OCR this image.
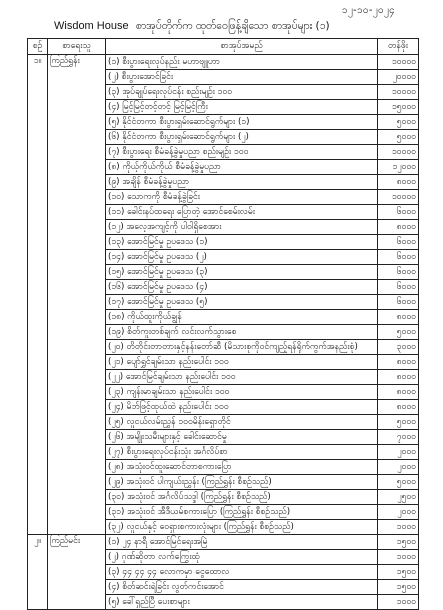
၁၂-၁၀-၂၀၂၄
Wisdom House စာအုပ်တိုက်က ထုတ်ဝေဖြန့်ချိသော စာအုပ်များ (၁)
စဉ်	စာရေးသူ	စာအုပ်အမည်	တန်ဖိုး
၁။	ကြည်ရွှန်း	(၁) စီးပွားရေးလုပ်နည်း မဟာဗျူဟာ	၁၀၀၀၀
		(၂) စီးပွားအောင်ခြင်း	၂၀၀၀၀
		(၃) အုပ်ချုပ်ရေးလုပ်ငန်း စည်းမျဉ်း ၁၀၀	၁၀၀၀၀
		(၄) မြင့်မြင့်တင့်တင့် မြင့်မြင့်ကြီး	၁၅၀၀၀
		(၅) နိုင်ငံတကာ စီးပွားရှမ်းဆောင်ရွက်များ (၁)	၅၀၀၀
		(၆) နိုင်ငံတကာ စီးပွားရှမ်းဆောင်ရွက်များ (၂)	၅၀၀၀
		(၇) စီးပွားရေး စီမံခန့်ခွဲမှုပညာ စည်းမျဉ်း ၁၀၀	၁၀၀၀၀
		(၈) ကိုယ့်ကိုယ်ကိုယ် စီမံခန့်ခွဲမှုပညာ	၁၂၀၀၀
		(၉) အချိန် စီမံခန့်ခွဲမှုပညာ	၈၀၀၀
		(၁၀) သောကကို စီမံခန့်ခွဲခြင်း	၁၀၀၀၀
		(၁၁) ခေါင်းနပ်ထရေး ပြောတဲ့ အောင်စေမ်းလမ်း	၆၀၀၀
		(၁၂) အလေ့အကျင့်ကို ပါဝါရှိစေအား	၈၀၀၀
		(၁၃) အောင်မြင်မှု ဥပဒေသ (၁)	၆၀၀၀
		(၁၄) အောင်မြင်မှု ဥပဒေသ (၂)	၆၀၀၀
		(၁၅) အောင်မြင်မှု ဥပဒေသ (၃)	၆၀၀၀
		(၁၆) အောင်မြင်မှု ဥပဒေသ (၄)	၆၀၀၀
		(၁၇) အောင်မြင်မှု ဥပဒေသ (၅)	၆၀၀၀
		(၁၈) ကိုယ်ထူးကိုယ်ချွန်	၈၀၀၀
		(၁၉) စိတ်ကူးတစ်ချက် လင်းလက်သွားစေ	၅၀၀၀
		(၂၀) တိတိုင်းတာတားနှင့်နန်းတော်ဆီ (မိသားစုကိုဝင်ကျည့်ရန်ရိုက်ကွက်အနည်းစုံ)	၃၀၀၀
		(၂၁) ပျော်ရွှင်ချမ်းသာ နည်းပေါင်း ၁၀၀	၈၀၀၀
		(၂၂) အောင်မြင်ချမ်းသာ နည်းပေါင်း ၁၀၀	၈၀၀၀
		(၂၃) ကျန်းမာချမ်းသာ နည်းပေါင်း ၁၀၀	၈၀၀၀
		(၂၄) မိဘ်ဖြင့်ထုယ်ထဲ နည်းပေါင်း ၁၀၀	၈၀၀၀
		(၂၅) လူငယ်လမ်းညွှန် ၁၀၀မိန်းရှောတိုင်	၅၀၀၀
		(၂၆) အမျိုးသမီးများနှင့် ခေါင်းဆောင်မှု	၇၀၀၀
		(၂၇) စီးပွားရေးလုပ်ငန်းသုံး အင်္ဂလိပ်စာ	၂၀၀၀
		(၂၈) အသုံးဝင်ထူးဆောင်တာစကားပြော	၂၀၀၀
		(၂၉) အသုံးဝင် ပါကျယ်းညွှန်း (ကြည်ရွှန်း စီစဉ်သည်)	၅၀၀၀
		(၃၀) အသုံးဝင် အင်္ဂလိပ်သဒ္ဒါ (ကြည်ရွှန်း စီစဉ်သည်)	၂၅၀၀
		(၃၁) အသုံးဝင် အီဒီယမ်စကားပြော (ကြည်ရွှန်း စီစဉ်သည်)	၂၀၀၀
		(၃၂) လူငယ်နှင့် ဝေရှားစကားလုံးများ (ကြည်ရွှန်း စီစဉ်သည်)	၁၀၀၀
၂။	ကြည်မင်း	(၁) ၂၄ နာရီ အောင်မြင်ရေးအမြဲ	၁၅၀၀
		(၂) ဂုဏ်ဆိုတာ လက်ကြွေးထုံ	၁၀၀၀
		(၃) ၄၄ ၄၄ ၄၄ လောကမှာ ငွေထောလ	၁၅၀၀
		(၄) စိတ်ဆင်းရဲခြင်း လွတ်ကင်းအောင်	၁၅၀၀
		(၅) ခေါ်ရှည်ပြီ ပေးစာများ	၁၀၀၀
